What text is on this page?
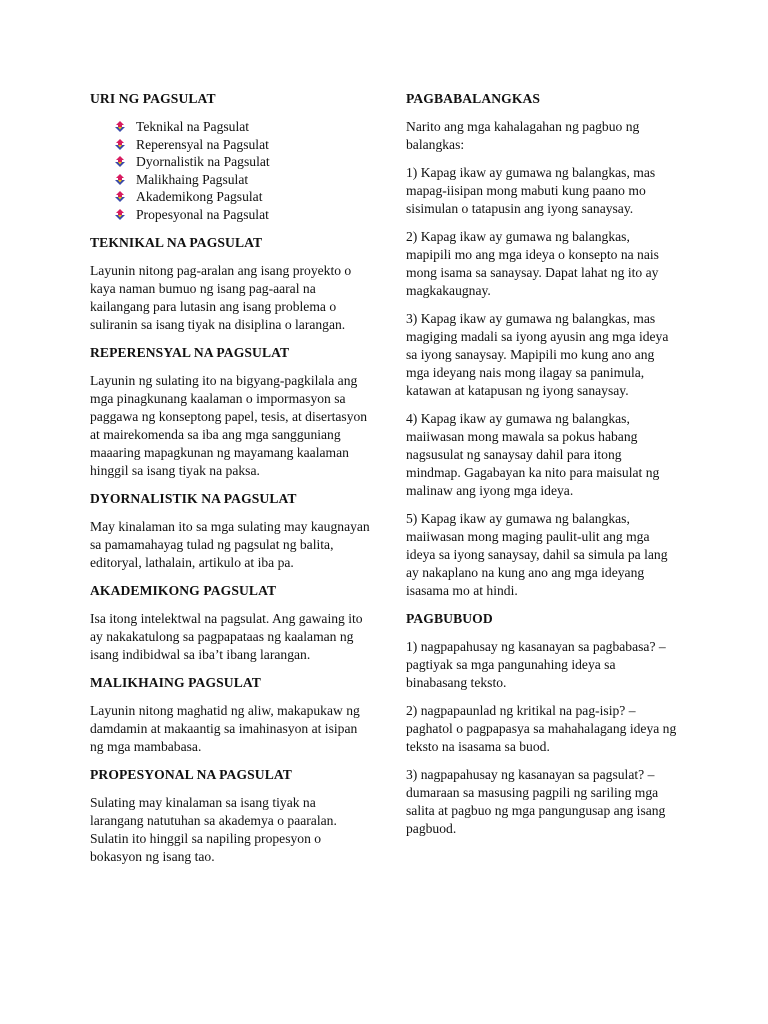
URI NG PAGSULAT
Teknikal na Pagsulat
Reperensyal na Pagsulat
Dyornalistik na Pagsulat
Malikhaing Pagsulat
Akademikong Pagsulat
Propesyonal na Pagsulat
TEKNIKAL NA PAGSULAT

Layunin nitong pag-aralan ang isang proyekto o kaya naman bumuo ng isang pag-aaral na kailangang para lutasin ang isang problema o suliranin sa isang tiyak na disiplina o larangan.

REPERENSYAL NA PAGSULAT

Layunin ng sulating ito na bigyang-pagkilala ang mga pinagkunang kaalaman o impormasyon sa paggawa ng konseptong papel, tesis, at disertasyon at mairekomenda sa iba ang mga sangguniang maaaring mapagkunan ng mayamang kaalaman hinggil sa isang tiyak na paksa.

DYORNALISTIK NA PAGSULAT

May kinalaman ito sa mga sulating may kaugnayan sa pamamahayag tulad ng pagsulat ng balita, editoryal, lathalain, artikulo at iba pa.

AKADEMIKONG PAGSULAT

Isa itong intelektwal na pagsulat. Ang gawaing ito ay nakakatulong sa pagpapataas ng kaalaman ng isang indibidwal sa iba’t ibang larangan.

MALIKHAING PAGSULAT

Layunin nitong maghatid ng aliw, makapukaw ng damdamin at makaantig sa imahinasyon at isipan ng mga mambabasa.

PROPESYONAL NA PAGSULAT

Sulating may kinalaman sa isang tiyak na larangang natutuhan sa akademya o paaralan. Sulatin ito hinggil sa napiling propesyon o bokasyon ng isang tao.

PAGBABALANGKAS

Narito ang mga kahalagahan ng pagbuo ng balangkas:

1) Kapag ikaw ay gumawa ng balangkas, mas mapag-iisipan mong mabuti kung paano mo sisimulan o tatapusin ang iyong sanaysay.

2) Kapag ikaw ay gumawa ng balangkas, mapipili mo ang mga ideya o konsepto na nais mong isama sa sanaysay. Dapat lahat ng ito ay magkakaugnay.

3) Kapag ikaw ay gumawa ng balangkas, mas magiging madali sa iyong ayusin ang mga ideya sa iyong sanaysay. Mapipili mo kung ano ang mga ideyang nais mong ilagay sa panimula, katawan at katapusan ng iyong sanaysay.

4) Kapag ikaw ay gumawa ng balangkas, maiiwasan mong mawala sa pokus habang nagsusulat ng sanaysay dahil para itong mindmap. Gagabayan ka nito para maisulat ng malinaw ang iyong mga ideya.

5) Kapag ikaw ay gumawa ng balangkas, maiiwasan mong maging paulit-ulit ang mga ideya sa iyong sanaysay, dahil sa simula pa lang ay nakaplano na kung ano ang mga ideyang isasama mo at hindi.

PAGBUBUOD

1) nagpapahusay ng kasanayan sa pagbabasa? – pagtiyak sa mga pangunahing ideya sa binabasang teksto.

2) nagpapaunlad ng kritikal na pag-isip? – paghatol o pagpapasya sa mahahalagang ideya ng teksto na isasama sa buod.

3) nagpapahusay ng kasanayan sa pagsulat? – dumaraan sa masusing pagpili ng sariling mga salita at pagbuo ng mga pangungusap ang isang pagbuod.
